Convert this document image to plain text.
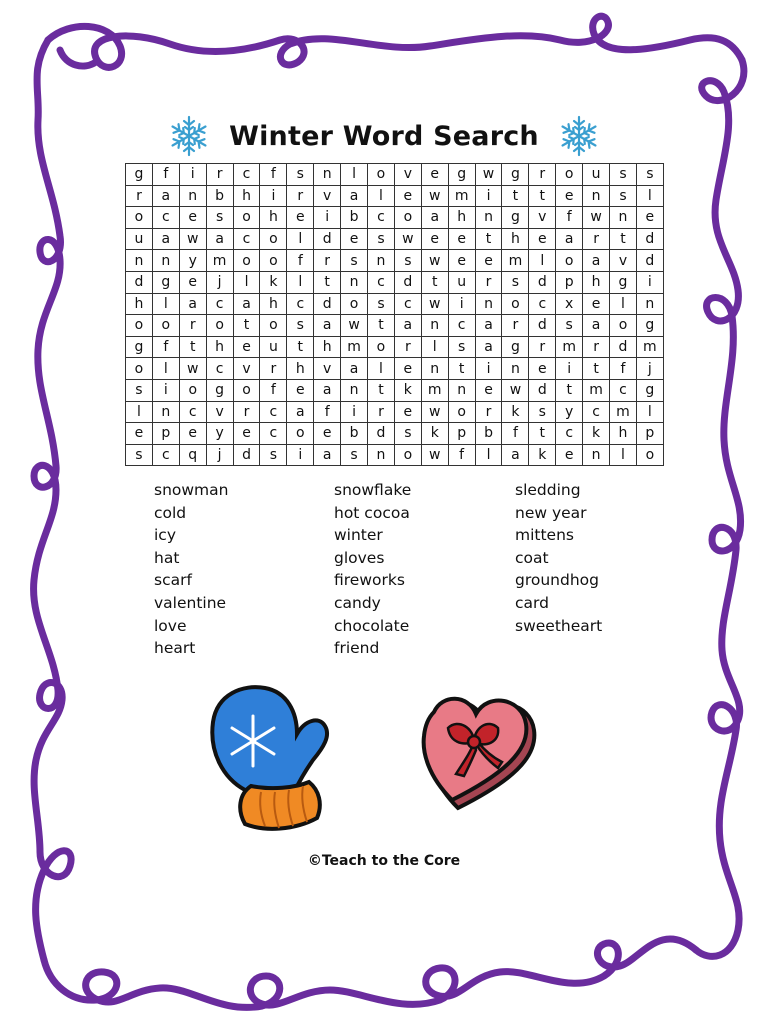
Winter Word Search
g	f	i	r	c	f	s	n	l	o	v	e	g	w	g	r	o	u	s	s
r	a	n	b	h	i	r	v	a	l	e	w	m	i	t	t	e	n	s	l
o	c	e	s	o	h	e	i	b	c	o	a	h	n	g	v	f	w	n	e
u	a	w	a	c	o	l	d	e	s	w	e	e	t	h	e	a	r	t	d
n	n	y	m	o	o	f	r	s	n	s	w	e	e	m	l	o	a	v	d
d	g	e	j	l	k	l	t	n	c	d	t	u	r	s	d	p	h	g	i
h	l	a	c	a	h	c	d	o	s	c	w	i	n	o	c	x	e	l	n
o	o	r	o	t	o	s	a	w	t	a	n	c	a	r	d	s	a	o	g
g	f	t	h	e	u	t	h	m	o	r	l	s	a	g	r	m	r	d	m
o	l	w	c	v	r	h	v	a	l	e	n	t	i	n	e	i	t	f	j
s	i	o	g	o	f	e	a	n	t	k	m	n	e	w	d	t	m	c	g
l	n	c	v	r	c	a	f	i	r	e	w	o	r	k	s	y	c	m	l
e	p	e	y	e	c	o	e	b	d	s	k	p	b	f	t	c	k	h	p
s	c	q	j	d	s	i	a	s	n	o	w	f	l	a	k	e	n	l	o
snowman
cold
icy
hat
scarf
valentine
love
heart
snowflake
hot cocoa
winter
gloves
fireworks
candy
chocolate
friend
sledding
new year
mittens
coat
groundhog
card
sweetheart
©Teach to the Core
